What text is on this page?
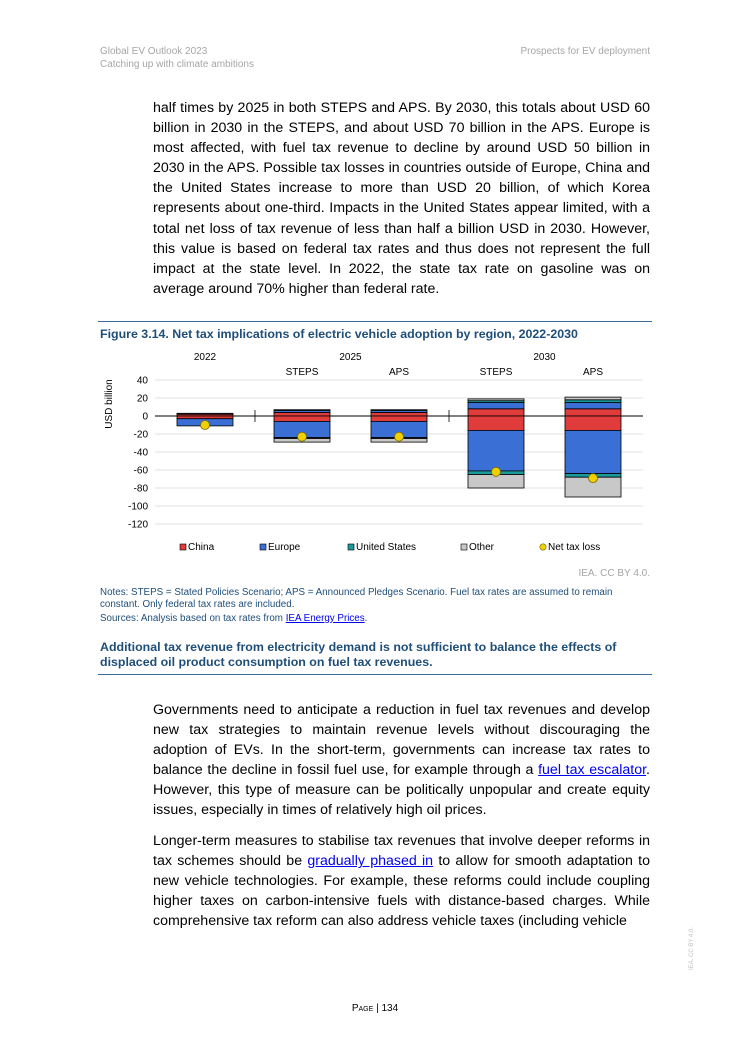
Global EV Outlook 2023
Catching up with climate ambitions
Prospects for EV deployment
half times by 2025 in both STEPS and APS. By 2030, this totals about USD 60 billion in 2030 in the STEPS, and about USD 70 billion in the APS. Europe is most affected, with fuel tax revenue to decline by around USD 50 billion in 2030 in the APS. Possible tax losses in countries outside of Europe, China and the United States increase to more than USD 20 billion, of which Korea represents about one-third. Impacts in the United States appear limited, with a total net loss of tax revenue of less than half a billion USD in 2030. However, this value is based on federal tax rates and thus does not represent the full impact at the state level. In 2022, the state tax rate on gasoline was on average around 70% higher than federal rate.
Figure 3.14. Net tax implications of electric vehicle adoption by region, 2022-2030
40
20
0
-20
-40
-60
-80
-100
-120
USD billion
2022	2025	2030
STEPS	APS	STEPS	APS
China	Europe	United States	Other	Net tax loss
IEA. CC BY 4.0.
Notes: STEPS = Stated Policies Scenario; APS = Announced Pledges Scenario. Fuel tax rates are assumed to remain constant. Only federal tax rates are included.
Sources: Analysis based on tax rates from IEA Energy Prices.
Additional tax revenue from electricity demand is not sufficient to balance the effects of displaced oil product consumption on fuel tax revenues.
Governments need to anticipate a reduction in fuel tax revenues and develop new tax strategies to maintain revenue levels without discouraging the adoption of EVs. In the short-term, governments can increase tax rates to balance the decline in fossil fuel use, for example through a fuel tax escalator. However, this type of measure can be politically unpopular and create equity issues, especially in times of relatively high oil prices.
Longer-term measures to stabilise tax revenues that involve deeper reforms in tax schemes should be gradually phased in to allow for smooth adaptation to new vehicle technologies. For example, these reforms could include coupling higher taxes on carbon-intensive fuels with distance-based charges. While comprehensive tax reform can also address vehicle taxes (including vehicle
Page | 134
IEA. CC BY 4.0.
